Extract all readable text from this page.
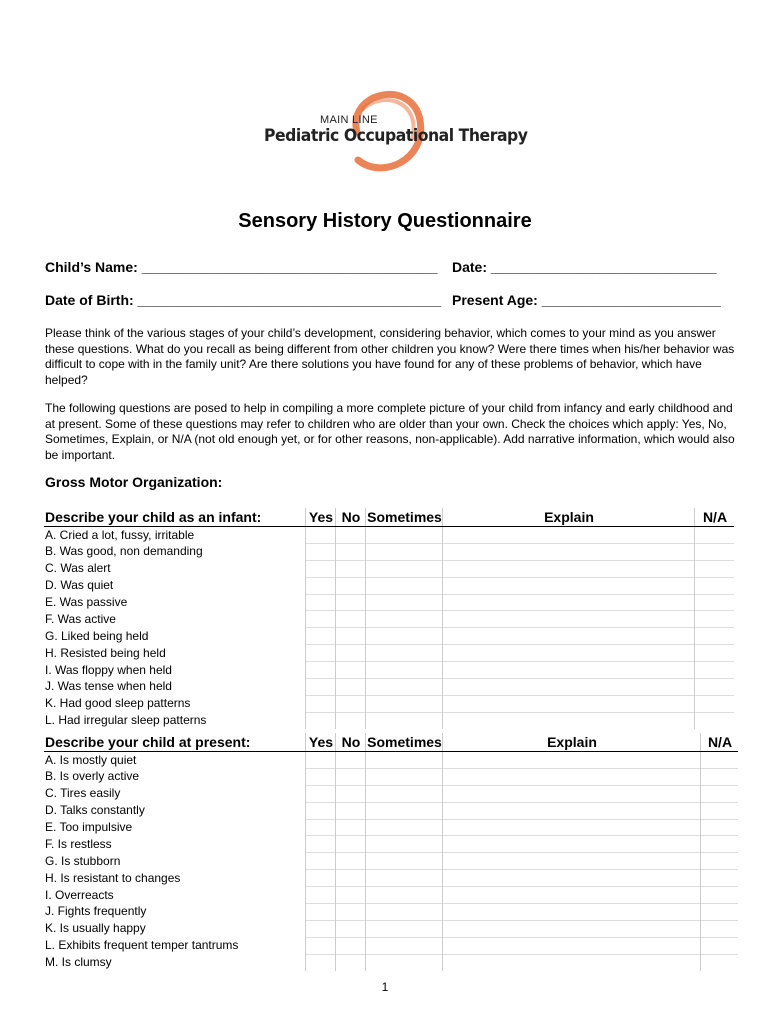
MAIN LINE
Pediatric Occupational Therapy
Sensory History Questionnaire
Child’s Name: ______________________________________ Date: _____________________________
Date of Birth: _______________________________________ Present Age: _______________________
Please think of the various stages of your child’s development, considering behavior, which comes to your mind as you answer these questions. What do you recall as being different from other children you know? Were there times when his/her behavior was difficult to cope with in the family unit? Are there solutions you have found for any of these problems of behavior, which have helped?
The following questions are posed to help in compiling a more complete picture of your child from infancy and early childhood and at present. Some of these questions may refer to children who are older than your own. Check the choices which apply: Yes, No, Sometimes, Explain, or N/A (not old enough yet, or for other reasons, non-applicable). Add narrative information, which would also be important.
Gross Motor Organization:
Describe your child as an infant:	Yes	No	Sometimes	Explain	N/A
A. Cried a lot, fussy, irritable					
B. Was good, non demanding					
C. Was alert					
D. Was quiet					
E. Was passive					
F. Was active					
G. Liked being held					
H. Resisted being held					
I. Was floppy when held					
J. Was tense when held					
K. Had good sleep patterns					
L. Had irregular sleep patterns					
Describe your child at present:	Yes	No	Sometimes	Explain	N/A
A. Is mostly quiet					
B. Is overly active					
C. Tires easily					
D. Talks constantly					
E. Too impulsive					
F. Is restless					
G. Is stubborn					
H. Is resistant to changes					
I. Overreacts					
J. Fights frequently					
K. Is usually happy					
L. Exhibits frequent temper tantrums					
M. Is clumsy					
1
